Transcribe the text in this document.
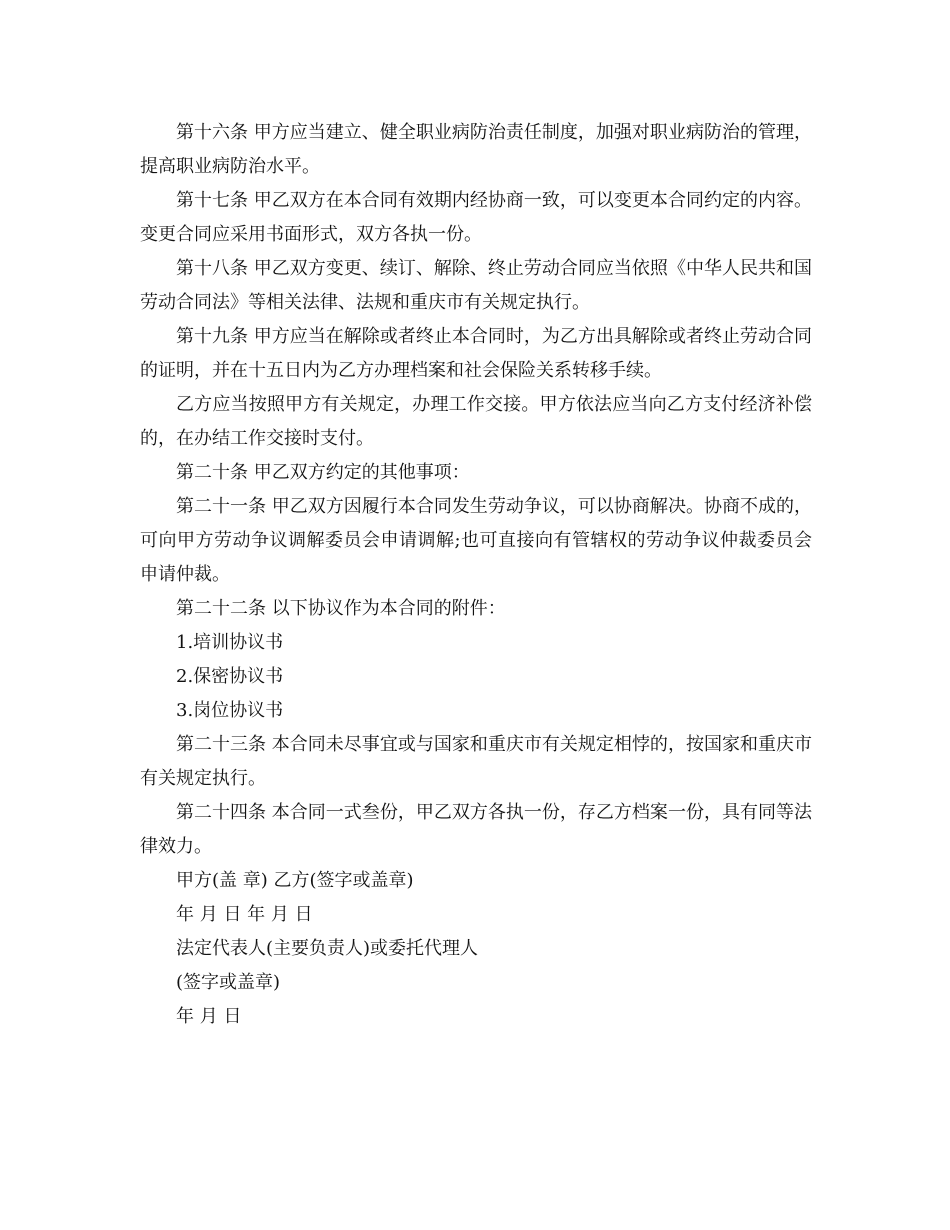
第十六条 甲方应当建立、健全职业病防治责任制度，加强对职业病防治的管理，提高职业病防治水平。

第十七条 甲乙双方在本合同有效期内经协商一致，可以变更本合同约定的内容。变更合同应采用书面形式，双方各执一份。

第十八条 甲乙双方变更、续订、解除、终止劳动合同应当依照《中华人民共和国劳动合同法》等相关法律、法规和重庆市有关规定执行。

第十九条 甲方应当在解除或者终止本合同时，为乙方出具解除或者终止劳动合同的证明，并在十五日内为乙方办理档案和社会保险关系转移手续。

乙方应当按照甲方有关规定，办理工作交接。甲方依法应当向乙方支付经济补偿的，在办结工作交接时支付。

第二十条 甲乙双方约定的其他事项：

第二十一条 甲乙双方因履行本合同发生劳动争议，可以协商解决。协商不成的，可向甲方劳动争议调解委员会申请调解;也可直接向有管辖权的劳动争议仲裁委员会申请仲裁。

第二十二条 以下协议作为本合同的附件：

1.培训协议书

2.保密协议书

3.岗位协议书

第二十三条 本合同未尽事宜或与国家和重庆市有关规定相悖的，按国家和重庆市有关规定执行。

第二十四条 本合同一式叁份，甲乙双方各执一份，存乙方档案一份，具有同等法律效力。

甲方(盖 章) 乙方(签字或盖章)

年 月 日 年 月 日

法定代表人(主要负责人)或委托代理人

(签字或盖章)

年 月 日
